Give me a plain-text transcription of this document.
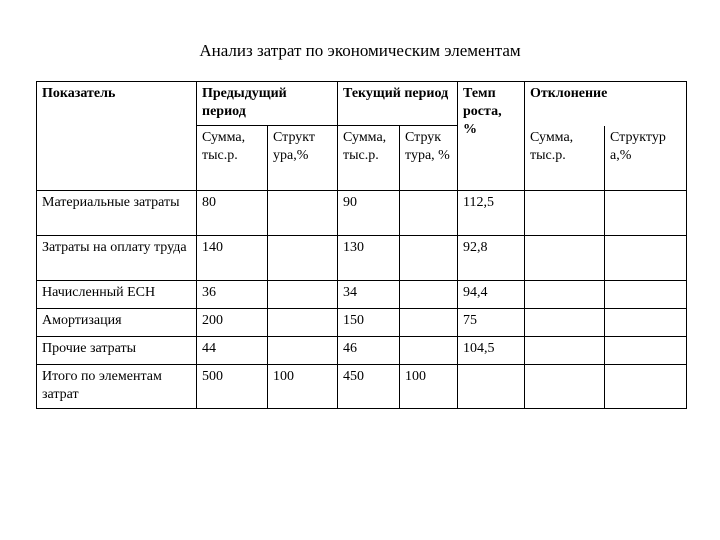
Анализ затрат по экономическим элементам
Показатель	Предыдущий период		Текущий период		Темп роста, %	Отклонение	
	Сумма, тыс.р.	Структ ура,%	Сумма, тыс.р.	Струк тура, %		Сумма, тыс.р.	Структур а,%
Материальные затраты	80		90		112,5		
Затраты на оплату труда	140		130		92,8		
Начисленный ЕСН	36		34		94,4		
Амортизация	200		150		75		
Прочие затраты	44		46		104,5		
Итого по элементам затрат	500	100	450	100			
